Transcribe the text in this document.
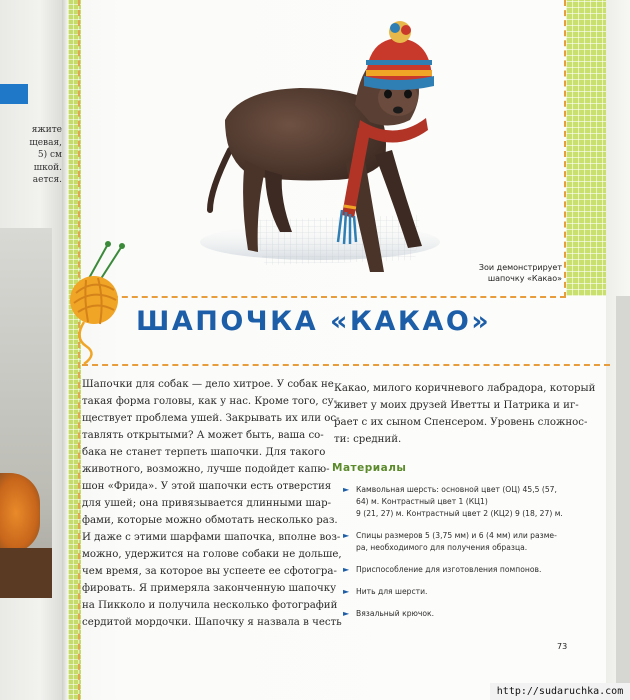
яжите
щевая,
5) см
шкой.
ается.
Зои демонстрирует
шапочку «Какао»
ШАПОЧКА «КАКАО»
Шапочки для собак — дело хитрое. У собак не
такая форма головы, как у нас. Кроме того, су-
ществует проблема ушей. Закрывать их или ос-
тавлять открытыми? А может быть, ваша со-
бака не станет терпеть шапочки. Для такого
животного, возможно, лучше подойдет капю-
шон «Фрида». У этой шапочки есть отверстия
для ушей; она привязывается длинными шар-
фами, которые можно обмотать несколько раз.
И даже с этими шарфами шапочка, вполне воз-
можно, удержится на голове собаки не дольше,
чем время, за которое вы успеете ее сфотогра-
фировать. Я примеряла законченную шапочку
на Пикколо и получила несколько фотографий
сердитой мордочки. Шапочку я назвала в честь
Какао, милого коричневого лабрадора, который
живет у моих друзей Иветты и Патрика и иг-
рает с их сыном Спенсером. Уровень сложнос-
ти: средний.
Материалы
► Камвольная шерсть: основной цвет (ОЦ) 45,5 (57,
64) м. Контрастный цвет 1 (КЦ1)
9 (21, 27) м. Контрастный цвет 2 (КЦ2) 9 (18, 27) м.
► Спицы размеров 5 (3,75 мм) и 6 (4 мм) или разме-
ра, необходимого для получения образца.
► Приспособление для изготовления помпонов.
► Нить для шерсти.
► Вязальный крючок.
73
http://sudaruchka.com
